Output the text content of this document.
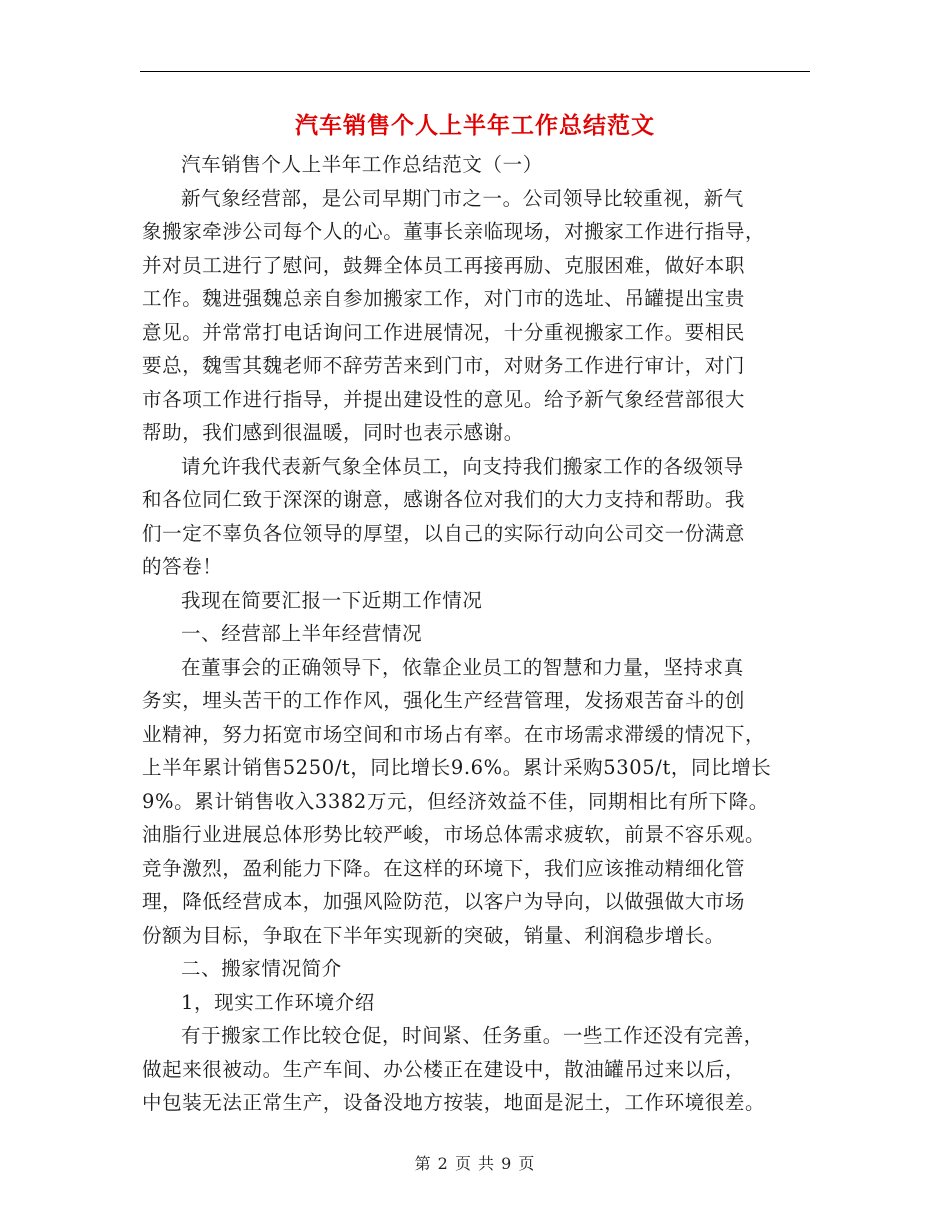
汽车销售个人上半年工作总结范文
汽车销售个人上半年工作总结范文（一）
新气象经营部，是公司早期门市之一。公司领导比较重视，新气
象搬家牵涉公司每个人的心。董事长亲临现场，对搬家工作进行指导，
并对员工进行了慰问，鼓舞全体员工再接再励、克服困难，做好本职
工作。魏进强魏总亲自参加搬家工作，对门市的选址、吊罐提出宝贵
意见。并常常打电话询问工作进展情况，十分重视搬家工作。要相民
要总，魏雪其魏老师不辞劳苦来到门市，对财务工作进行审计，对门
市各项工作进行指导，并提出建设性的意见。给予新气象经营部很大
帮助，我们感到很温暖，同时也表示感谢。
请允许我代表新气象全体员工，向支持我们搬家工作的各级领导
和各位同仁致于深深的谢意，感谢各位对我们的大力支持和帮助。我
们一定不辜负各位领导的厚望，以自己的实际行动向公司交一份满意
的答卷！
我现在简要汇报一下近期工作情况
一、经营部上半年经营情况
在董事会的正确领导下，依靠企业员工的智慧和力量，坚持求真
务实，埋头苦干的工作作风，强化生产经营管理，发扬艰苦奋斗的创
业精神，努力拓宽市场空间和市场占有率。在市场需求滞缓的情况下，
上半年累计销售5250/t，同比增长9.6%。累计采购5305/t，同比增长
9%。累计销售收入3382万元，但经济效益不佳，同期相比有所下降。
油脂行业进展总体形势比较严峻，市场总体需求疲软，前景不容乐观。
竞争激烈，盈利能力下降。在这样的环境下，我们应该推动精细化管
理，降低经营成本，加强风险防范，以客户为导向，以做强做大市场
份额为目标，争取在下半年实现新的突破，销量、利润稳步增长。
二、搬家情况简介
1，现实工作环境介绍
有于搬家工作比较仓促，时间紧、任务重。一些工作还没有完善，
做起来很被动。生产车间、办公楼正在建设中，散油罐吊过来以后，
中包装无法正常生产，设备没地方按装，地面是泥土，工作环境很差。
第 2 页 共 9 页
